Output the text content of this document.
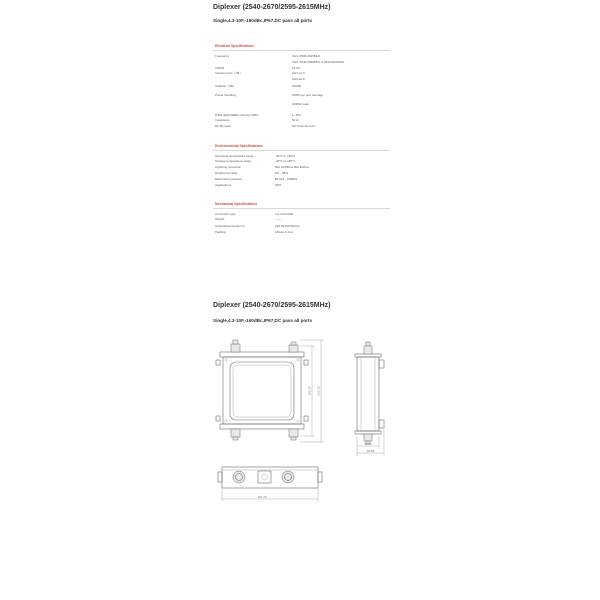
Diplexer (2540-2670/2595-2615MHz)
Single,4.3-10F,-160dBc,IP67,DC pass all ports
Electrical Specifications
Frequency	CH1: 2595-2615MHz
CH2: 2540-2590MHz & 2630-2670MHz
VSWR	≤1.25
Insertion loss（dB）	CH1:≤1.0
CH2:≤0.6
Isolation（dB）	≥60dB
Power handling	250W per port,Average
1000W peak
PIM3 (@2x43dBm Carrier) (dBc)	≤ -160
Impedance	50 Ω
DC By-pass	DC Pass all ports
Environmental Specifications
Operating temperature range	-40°C to +85°C
Storage temperature range	-40°C to +85°C
Lightning protection	5kA 10/350us,8kA 8/20us
Relative humidity	5% - 95%
Barometric pressure	86 kPa - 106kPa
Applications	IP67
Mechanical Specifications
Connector type	4.3-10 female
Weight	——
Outer Dimension(mm)	248.5X191X66mm
Packing	1Piece in box
Diplexer (2540-2670/2595-2615MHz)
Single,4.3-10F,-160dBc,IP67,DC pass all ports
191.60 231.10
36.00
65.80
251.20
